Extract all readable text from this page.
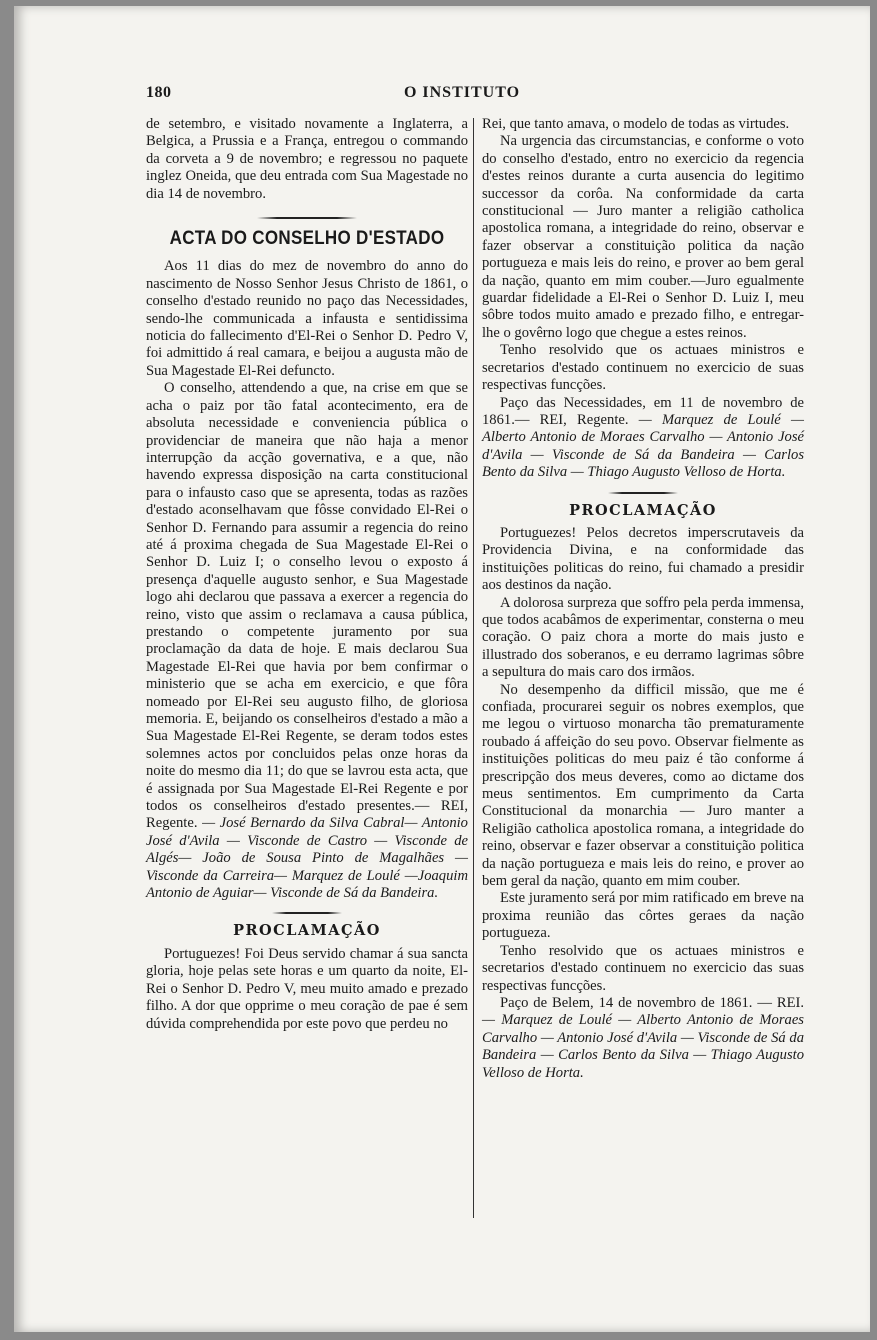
180	O INSTITUTO

de setembro, e visitado novamente a Inglaterra, a Belgica, a Prussia e a França, entregou o commando da corveta a 9 de novembro; e regressou no paquete inglez Oneida, que deu entrada com Sua Magestade no dia 14 de novembro.

ACTA DO CONSELHO D'ESTADO

Aos 11 dias do mez de novembro do anno do nascimento de Nosso Senhor Jesus Christo de 1861, o conselho d'estado reunido no paço das Necessidades, sendo-lhe communicada a infausta e sentidissima noticia do fallecimento d'El-Rei o Senhor D. Pedro V, foi admittido á real camara, e beijou a augusta mão de Sua Magestade El-Rei defuncto.

O conselho, attendendo a que, na crise em que se acha o paiz por tão fatal acontecimento, era de absoluta necessidade e conveniencia pública o providenciar de maneira que não haja a menor interrupção da acção governativa, e a que, não havendo expressa disposição na carta constitucional para o infausto caso que se apresenta, todas as razões d'estado aconselhavam que fôsse convidado El-Rei o Senhor D. Fernando para assumir a regencia do reino até á proxima chegada de Sua Magestade El-Rei o Senhor D. Luiz I; o conselho levou o exposto á presença d'aquelle augusto senhor, e Sua Magestade logo ahi declarou que passava a exercer a regencia do reino, visto que assim o reclamava a causa pública, prestando o competente juramento por sua proclamação da data de hoje. E mais declarou Sua Magestade El-Rei que havia por bem confirmar o ministerio que se acha em exercicio, e que fôra nomeado por El-Rei seu augusto filho, de gloriosa memoria. E, beijando os conselheiros d'estado a mão a Sua Magestade El-Rei Regente, se deram todos estes solemnes actos por concluidos pelas onze horas da noite do mesmo dia 11; do que se lavrou esta acta, que é assignada por Sua Magestade El-Rei Regente e por todos os conselheiros d'estado presentes.— REI, Regente. — José Bernardo da Silva Cabral— Antonio José d'Avila — Visconde de Castro — Visconde de Algés— João de Sousa Pinto de Magalhães — Visconde da Carreira— Marquez de Loulé —Joaquim Antonio de Aguiar— Visconde de Sá da Bandeira.

PROCLAMAÇÃO

Portuguezes! Foi Deus servido chamar á sua sancta gloria, hoje pelas sete horas e um quarto da noite, El-Rei o Senhor D. Pedro V, meu muito amado e prezado filho. A dor que opprime o meu coração de pae é sem dúvida comprehendida por este povo que perdeu no

Rei, que tanto amava, o modelo de todas as virtudes.

Na urgencia das circumstancias, e conforme o voto do conselho d'estado, entro no exercicio da regencia d'estes reinos durante a curta ausencia do legitimo successor da corôa. Na conformidade da carta constitucional — Juro manter a religião catholica apostolica romana, a integridade do reino, observar e fazer observar a constituição politica da nação portugueza e mais leis do reino, e prover ao bem geral da nação, quanto em mim couber.—Juro egualmente guardar fidelidade a El-Rei o Senhor D. Luiz I, meu sôbre todos muito amado e prezado filho, e entregar-lhe o govêrno logo que chegue a estes reinos.

Tenho resolvido que os actuaes ministros e secretarios d'estado continuem no exercicio de suas respectivas funcções.

Paço das Necessidades, em 11 de novembro de 1861.— REI, Regente. — Marquez de Loulé — Alberto Antonio de Moraes Carvalho — Antonio José d'Avila — Visconde de Sá da Bandeira — Carlos Bento da Silva — Thiago Augusto Velloso de Horta.

PROCLAMAÇÃO

Portuguezes! Pelos decretos imperscrutaveis da Providencia Divina, e na conformidade das instituições politicas do reino, fui chamado a presidir aos destinos da nação.

A dolorosa surpreza que soffro pela perda immensa, que todos acabâmos de experimentar, consterna o meu coração. O paiz chora a morte do mais justo e illustrado dos soberanos, e eu derramo lagrimas sôbre a sepultura do mais caro dos irmãos.

No desempenho da difficil missão, que me é confiada, procurarei seguir os nobres exemplos, que me legou o virtuoso monarcha tão prematuramente roubado á affeição do seu povo. Observar fielmente as instituições politicas do meu paiz é tão conforme á prescripção dos meus deveres, como ao dictame dos meus sentimentos. Em cumprimento da Carta Constitucional da monarchia — Juro manter a Religião catholica apostolica romana, a integridade do reino, observar e fazer observar a constituição politica da nação portugueza e mais leis do reino, e prover ao bem geral da nação, quanto em mim couber.

Este juramento será por mim ratificado em breve na proxima reunião das côrtes geraes da nação portugueza.

Tenho resolvido que os actuaes ministros e secretarios d'estado continuem no exercicio das suas respectivas funcções.

Paço de Belem, 14 de novembro de 1861. — REI. — Marquez de Loulé — Alberto Antonio de Moraes Carvalho — Antonio José d'Avila — Visconde de Sá da Bandeira — Carlos Bento da Silva — Thiago Augusto Velloso de Horta.
